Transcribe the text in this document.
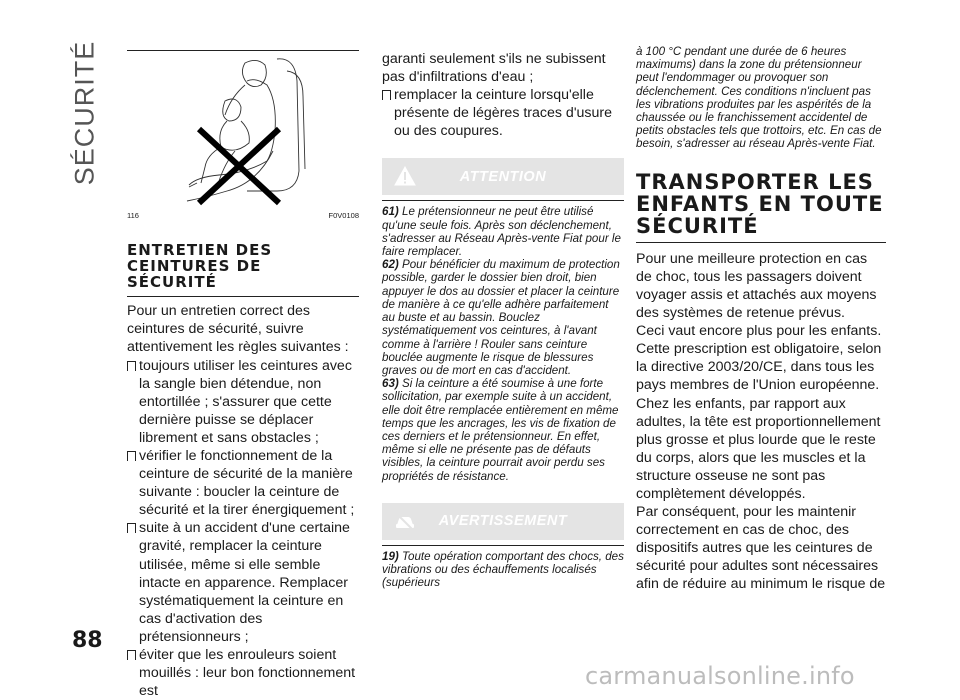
SÉCURITÉ
116	F0V0108
ENTRETIEN DES
CEINTURES DE
SÉCURITÉ

Pour un entretien correct des ceintures de sécurité, suivre attentivement les règles suivantes :

toujours utiliser les ceintures avec la sangle bien détendue, non entortillée ; s'assurer que cette dernière puisse se déplacer librement et sans obstacles ;
vérifier le fonctionnement de la ceinture de sécurité de la manière suivante : boucler la ceinture de sécurité et la tirer énergiquement ;
suite à un accident d'une certaine gravité, remplacer la ceinture utilisée, même si elle semble intacte en apparence. Remplacer systématiquement la ceinture en cas d'activation des prétensionneurs ;
éviter que les enrouleurs soient mouillés : leur bon fonctionnement est

garanti seulement s'ils ne subissent pas d'infiltrations d'eau ;

remplacer la ceinture lorsqu'elle présente de légères traces d'usure ou des coupures.
ATTENTION

61) Le prétensionneur ne peut être utilisé qu'une seule fois. Après son déclenchement, s'adresser au Réseau Après-vente Fiat pour le faire remplacer.

62) Pour bénéficier du maximum de protection possible, garder le dossier bien droit, bien appuyer le dos au dossier et placer la ceinture de manière à ce qu'elle adhère parfaitement au buste et au bassin. Bouclez systématiquement vos ceintures, à l'avant comme à l'arrière ! Rouler sans ceinture bouclée augmente le risque de blessures graves ou de mort en cas d'accident.

63) Si la ceinture a été soumise à une forte sollicitation, par exemple suite à un accident, elle doit être remplacée entièrement en même temps que les ancrages, les vis de fixation de ces derniers et le prétensionneur. En effet, même si elle ne présente pas de défauts visibles, la ceinture pourrait avoir perdu ses propriétés de résistance.

AVERTISSEMENT

19) Toute opération comportant des chocs, des vibrations ou des échauffements localisés (supérieurs

à 100 °C pendant une durée de 6 heures maximums) dans la zone du prétensionneur peut l'endommager ou provoquer son déclenchement. Ces conditions n'incluent pas les vibrations produites par les aspérités de la chaussée ou le franchissement accidentel de petits obstacles tels que trottoirs, etc. En cas de besoin, s'adresser au réseau Après-vente Fiat.

TRANSPORTER LES
ENFANTS EN TOUTE
SÉCURITÉ

Pour une meilleure protection en cas de choc, tous les passagers doivent voyager assis et attachés aux moyens des systèmes de retenue prévus.

Ceci vaut encore plus pour les enfants.

Cette prescription est obligatoire, selon la directive 2003/20/CE, dans tous les pays membres de l'Union européenne.

Chez les enfants, par rapport aux adultes, la tête est proportionnellement plus grosse et plus lourde que le reste du corps, alors que les muscles et la structure osseuse ne sont pas complètement développés.

Par conséquent, pour les maintenir correctement en cas de choc, des dispositifs autres que les ceintures de sécurité pour adultes sont nécessaires afin de réduire au minimum le risque de

88
carmanualsonline.info
